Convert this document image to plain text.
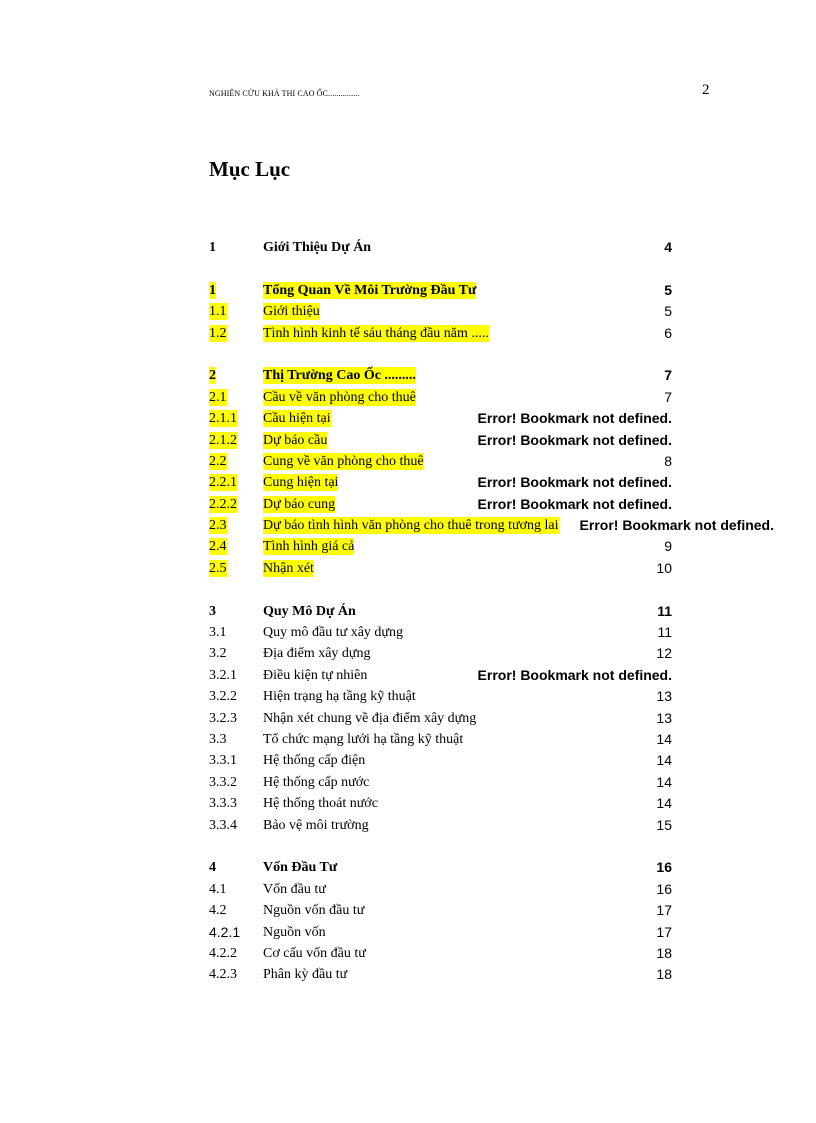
NGHIÊN CỨU KHẢ THI CAO ỐC...............	2
Mục Lục
1	Giới Thiệu Dự Án	4
1	Tổng Quan Về Môi Trường Đầu Tư	5
1.1	Giới thiệu	5
1.2	Tình hình kinh tế sáu tháng đầu năm .....	6
2	Thị Trường Cao Ốc .........	7
2.1	Cầu về văn phòng cho thuê	7
2.1.1 Cầu hiện tại	Error! Bookmark not defined.
2.1.2 Dự báo cầu	Error! Bookmark not defined.
2.2	Cung về văn phòng cho thuê	8
2.2.1 Cung hiện tại	Error! Bookmark not defined.
2.2.2 Dự báo cung	Error! Bookmark not defined.
2.3	Dự báo tình hình văn phòng cho thuê trong tương lai Error! Bookmark not defined.
2.4	Tình hình giá cả	9
2.5	Nhận xét	10
3	Quy Mô Dự Án	11
3.1	Quy mô đầu tư xây dựng	11
3.2	Địa điểm xây dựng	12
3.2.1 Điều kiện tự nhiên	Error! Bookmark not defined.
3.2.2 Hiện trạng hạ tầng kỹ thuật	13
3.2.3 Nhận xét chung về địa điểm xây dựng	13
3.3	Tổ chức mạng lưới hạ tầng kỹ thuật	14
3.3.1 Hệ thống cấp điện	14
3.3.2 Hệ thống cấp nước	14
3.3.3 Hệ thống thoát nước	14
3.3.4 Bảo vệ môi trường	15
4	Vốn Đầu Tư	16
4.1	Vốn đầu tư	16
4.2	Nguồn vốn đầu tư	17
4.2.1 Nguồn vốn	17
4.2.2 Cơ cấu vốn đầu tư	18
4.2.3 Phân kỳ đầu tư	18
